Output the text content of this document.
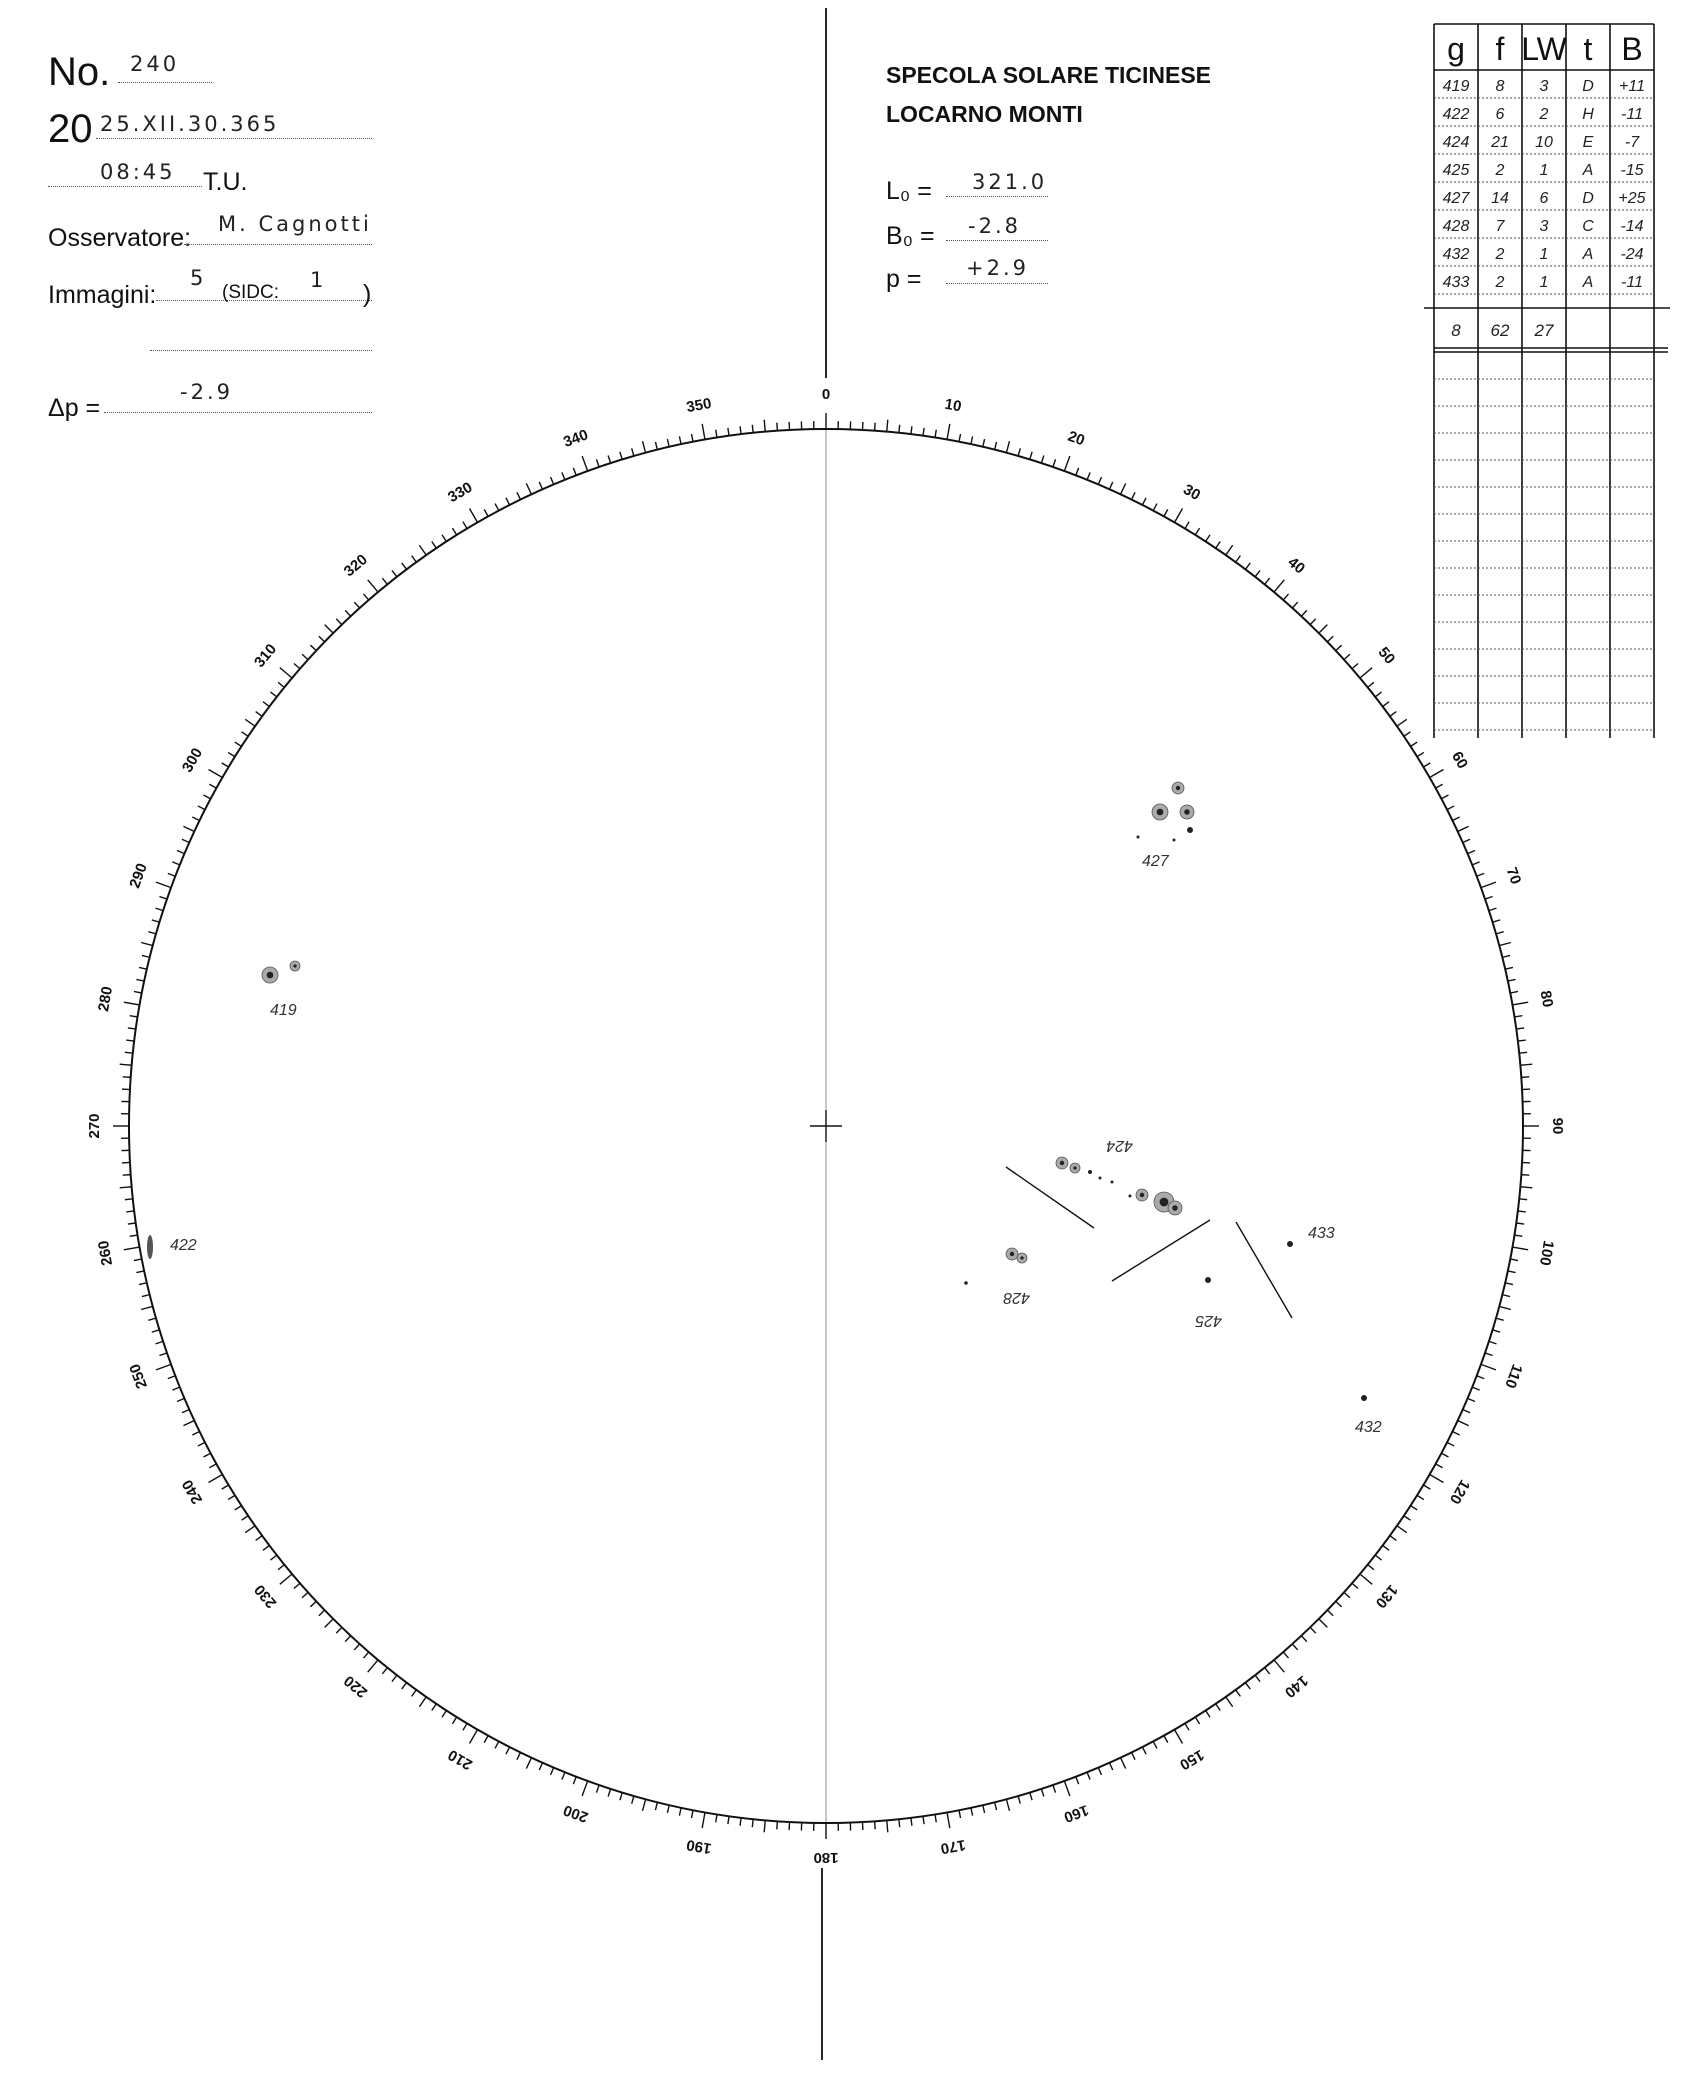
No. 240
20 25.XII.30.365
08:45 T.U.
Osservatore: M. Cagnotti
Immagini:
5
(SIDC:
1 )
Δp =
-2.9
SPECOLA SOLARE TICINESE
LOCARNO MONTI
L₀ = 321.0
B₀ = -2.8
p = +2.9
g f LW t B
419 8 3 D +11
422 6 2 H -11
424 21 10 E -7
425 2 1 A -15
427 14 6 D +25
428 7 3 C -14
432 2 1 A -24
433 2 1 A -11
8 62 27
0
10
20
30
40
50
60
70
80
90
100
110
120
130
140
150
160
170
180
190
200
210
220
230
240
250
260
270
280
290
300
310
320
330
340
350
419
422
427
424
428
425
433
432
